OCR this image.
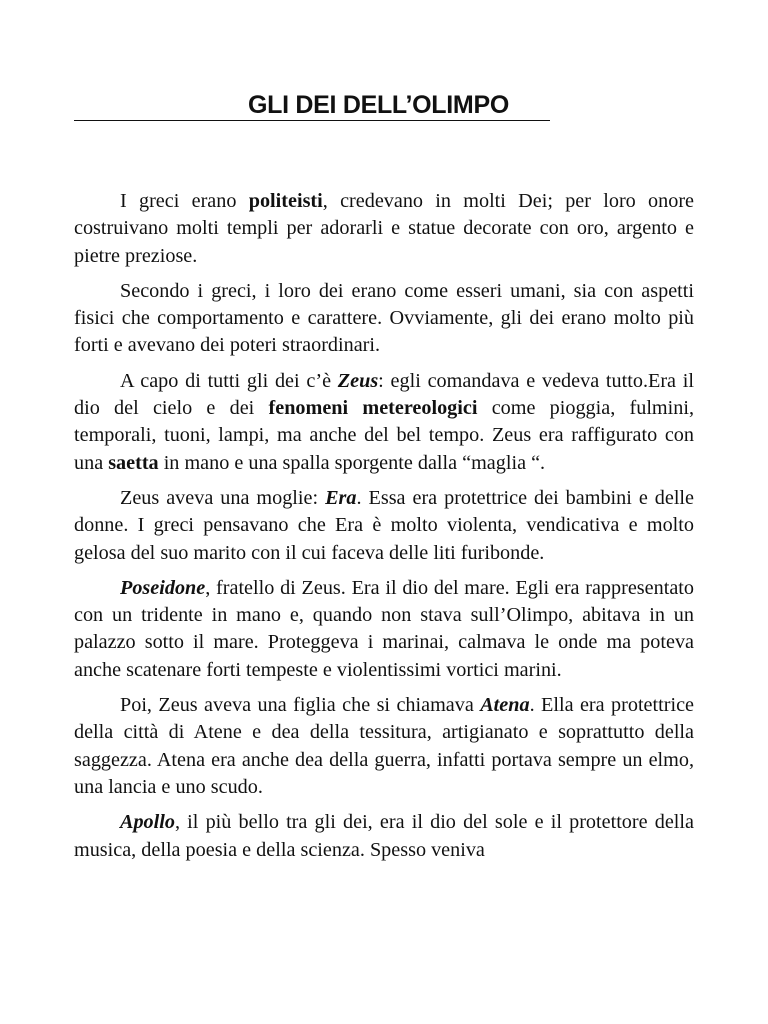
GLI DEI DELL’OLIMPO

I greci erano politeisti, credevano in molti Dei; per loro onore costruivano molti templi per adorarli e statue decorate con oro, argento e pietre preziose.

Secondo i greci, i loro dei erano come esseri umani, sia con aspetti fisici che comportamento e carattere. Ovviamente, gli dei erano molto più forti e avevano dei poteri straordinari.

A capo di tutti gli dei c’è Zeus: egli comandava e vedeva tutto.Era il dio del cielo e dei fenomeni metereologici come pioggia, fulmini, temporali, tuoni, lampi, ma anche del bel tempo. Zeus era raffigurato con una saetta in mano e una spalla sporgente dalla “maglia “.

Zeus aveva una moglie: Era. Essa era protettrice dei bambini e delle donne. I greci pensavano che Era è molto violenta, vendicativa e molto gelosa del suo marito con il cui faceva delle liti furibonde.

Poseidone, fratello di Zeus. Era il dio del mare. Egli era rappresentato con un tridente in mano e, quando non stava sull’Olimpo, abitava in un palazzo sotto il mare. Proteggeva i marinai, calmava le onde ma poteva anche scatenare forti tempeste e violentissimi vortici marini.

Poi, Zeus aveva una figlia che si chiamava Atena. Ella era protettrice della città di Atene e dea della tessitura, artigianato e soprattutto della saggezza. Atena era anche dea della guerra, infatti portava sempre un elmo, una lancia e uno scudo.

Apollo, il più bello tra gli dei, era il dio del sole e il protettore della musica, della poesia e della scienza. Spesso veniva
